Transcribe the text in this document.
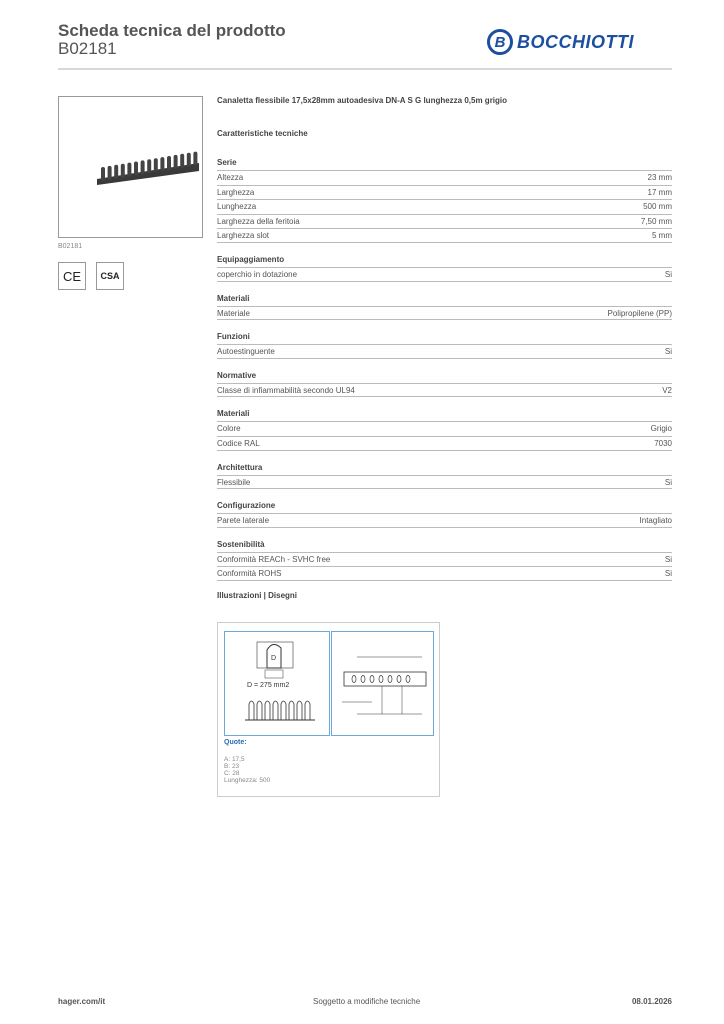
Scheda tecnica del prodotto
B02181	B BOCCHIOTTI
B02181
CE	CSA
Canaletta flessibile 17,5x28mm autoadesiva DN-A S G lunghezza 0,5m grigio
Caratteristiche tecniche
Serie
Altezza	23 mm
Larghezza	17 mm
Lunghezza	500 mm
Larghezza della feritoia	7,50 mm
Larghezza slot	5 mm
Equipaggiamento
coperchio in dotazione	Si
Materiali
Materiale	Polipropilene (PP)
Funzioni
Autoestinguente	Si
Normative
Classe di infiammabilità secondo UL94	V2
Materiali
Colore	Grigio
Codice RAL	7030
Architettura
Flessibile	Si
Configurazione
Parete laterale	Intagliato
Sostenibilità
Conformità REACh - SVHC free	Si
Conformità ROHS	Si
Illustrazioni | Disegni
D
D = 275 mm2
Quote:
A: 17,5
B: 23
C: 28
Lunghezza: 500
hager.com/it	Soggetto a modifiche tecniche	08.01.2026
